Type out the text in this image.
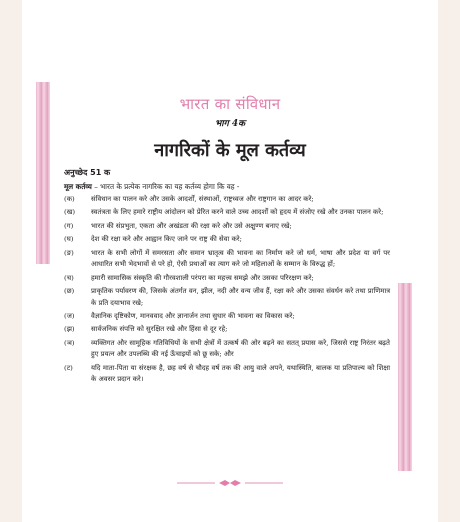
भारत का संविधान
भाग 4क
नागरिकों के मूल कर्तव्य
अनुच्छेद 51 क
मूल कर्तव्य – भारत के प्रत्येक नागरिक का यह कर्तव्य होगा कि वह -
(क)	संविधान का पालन करे और उसके आदर्शों, संस्थाओं, राष्ट्रध्वज और राष्ट्रगान का आदर करे;
(ख)	स्वतंत्रता के लिए हमारे राष्ट्रीय आंदोलन को प्रेरित करने वाले उच्च आदर्शों को हृदय में संजोए रखे और उनका पालन करे;
(ग)	भारत की संप्रभुता, एकता और अखंडता की रक्षा करे और उसे अक्षुण्ण बनाए रखे;
(घ)	देश की रक्षा करे और आह्वान किए जाने पर राष्ट्र की सेवा करे;
(ङ)	भारत के सभी लोगों में समरसता और समान भ्रातृत्व की भावना का निर्माण करे जो धर्म, भाषा और प्रदेश या वर्ग पर आधारित सभी भेदभावों से परे हो, ऐसी प्रथाओं का त्याग करे जो महिलाओं के सम्मान के विरुद्ध हों;
(च)	हमारी सामासिक संस्कृति की गौरवशाली परंपरा का महत्त्व समझे और उसका परिरक्षण करे;
(छ)	प्राकृतिक पर्यावरण की, जिसके अंतर्गत वन, झील, नदी और वन्य जीव हैं, रक्षा करे और उसका संवर्धन करे तथा प्राणिमात्र के प्रति दयाभाव रखे;
(ज)	वैज्ञानिक दृष्टिकोण, मानववाद और ज्ञानार्जन तथा सुधार की भावना का विकास करे;
(झ)	सार्वजनिक संपत्ति को सुरक्षित रखे और हिंसा से दूर रहे;
(ञ)	व्यक्तिगत और सामूहिक गतिविधियों के सभी क्षेत्रों में उत्कर्ष की ओर बढ़ने का सतत् प्रयास करे, जिससे राष्ट्र निरंतर बढ़ते हुए प्रयत्न और उपलब्धि की नई ऊँचाइयों को छू सके; और
(ट)	यदि माता-पिता या संरक्षक है, छह वर्ष से चौदह वर्ष तक की आयु वाले अपने, यथास्थिति, बालक या प्रतिपाल्य को शिक्षा के अवसर प्रदान करे।
